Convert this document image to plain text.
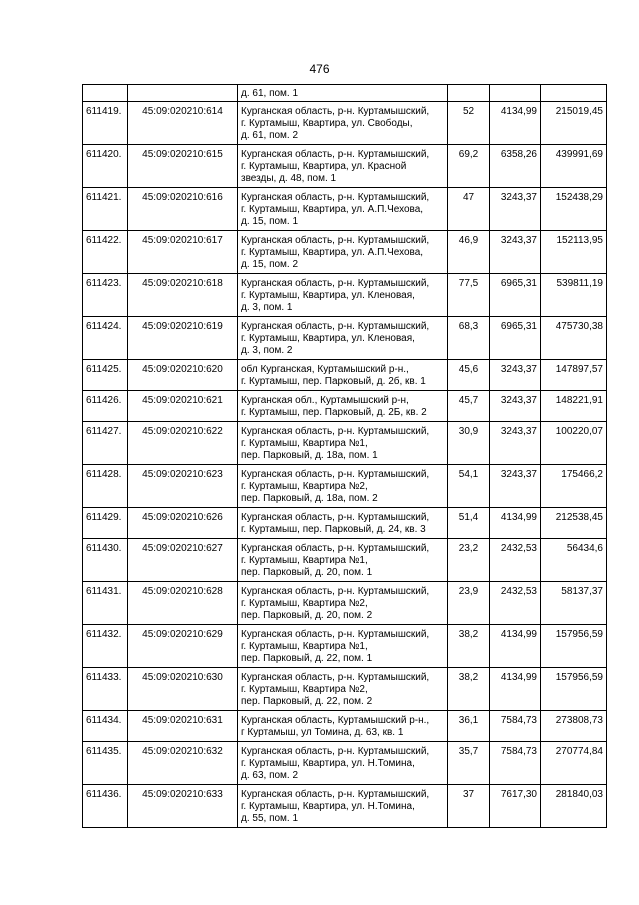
476

		д. 61, пом. 1			

611419.	45:09:020210:614	Курганская область, р-н. Куртамышский,
г. Куртамыш, Квартира, ул. Свободы,
д. 61, пом. 2	52	4134,99	215019,45
611420.	45:09:020210:615	Курганская область, р-н. Куртамышский,
г. Куртамыш, Квартира, ул. Красной
звезды, д. 48, пом. 1	69,2	6358,26	439991,69
611421.	45:09:020210:616	Курганская область, р-н. Куртамышский,
г. Куртамыш, Квартира, ул. А.П.Чехова,
д. 15, пом. 1	47	3243,37	152438,29
611422.	45:09:020210:617	Курганская область, р-н. Куртамышский,
г. Куртамыш, Квартира, ул. А.П.Чехова,
д. 15, пом. 2	46,9	3243,37	152113,95
611423.	45:09:020210:618	Курганская область, р-н. Куртамышский,
г. Куртамыш, Квартира, ул. Кленовая,
д. 3, пом. 1	77,5	6965,31	539811,19
611424.	45:09:020210:619	Курганская область, р-н. Куртамышский,
г. Куртамыш, Квартира, ул. Кленовая,
д. 3, пом. 2	68,3	6965,31	475730,38
611425.	45:09:020210:620	обл Курганская, Куртамышский р-н.,
г. Куртамыш, пер. Парковый, д. 2б, кв. 1	45,6	3243,37	147897,57
611426.	45:09:020210:621	Курганская обл., Куртамышский р-н,
г. Куртамыш, пер. Парковый, д. 2Б, кв. 2	45,7	3243,37	148221,91
611427.	45:09:020210:622	Курганская область, р-н. Куртамышский,
г. Куртамыш, Квартира №1,
пер. Парковый, д. 18а, пом. 1	30,9	3243,37	100220,07
611428.	45:09:020210:623	Курганская область, р-н. Куртамышский,
г. Куртамыш, Квартира №2,
пер. Парковый, д. 18а, пом. 2	54,1	3243,37	175466,2
611429.	45:09:020210:626	Курганская область, р-н. Куртамышский,
г. Куртамыш, пер. Парковый, д. 24, кв. 3	51,4	4134,99	212538,45
611430.	45:09:020210:627	Курганская область, р-н. Куртамышский,
г. Куртамыш, Квартира №1,
пер. Парковый, д. 20, пом. 1	23,2	2432,53	56434,6
611431.	45:09:020210:628	Курганская область, р-н. Куртамышский,
г. Куртамыш, Квартира №2,
пер. Парковый, д. 20, пом. 2	23,9	2432,53	58137,37
611432.	45:09:020210:629	Курганская область, р-н. Куртамышский,
г. Куртамыш, Квартира №1,
пер. Парковый, д. 22, пом. 1	38,2	4134,99	157956,59
611433.	45:09:020210:630	Курганская область, р-н. Куртамышский,
г. Куртамыш, Квартира №2,
пер. Парковый, д. 22, пом. 2	38,2	4134,99	157956,59
611434.	45:09:020210:631	Курганская область, Куртамышский р-н.,
г Куртамыш, ул Томина, д. 63, кв. 1	36,1	7584,73	273808,73
611435.	45:09:020210:632	Курганская область, р-н. Куртамышский,
г. Куртамыш, Квартира, ул. Н.Томина,
д. 63, пом. 2	35,7	7584,73	270774,84
611436.	45:09:020210:633	Курганская область, р-н. Куртамышский,
г. Куртамыш, Квартира, ул. Н.Томина,
д. 55, пом. 1	37	7617,30	281840,03
